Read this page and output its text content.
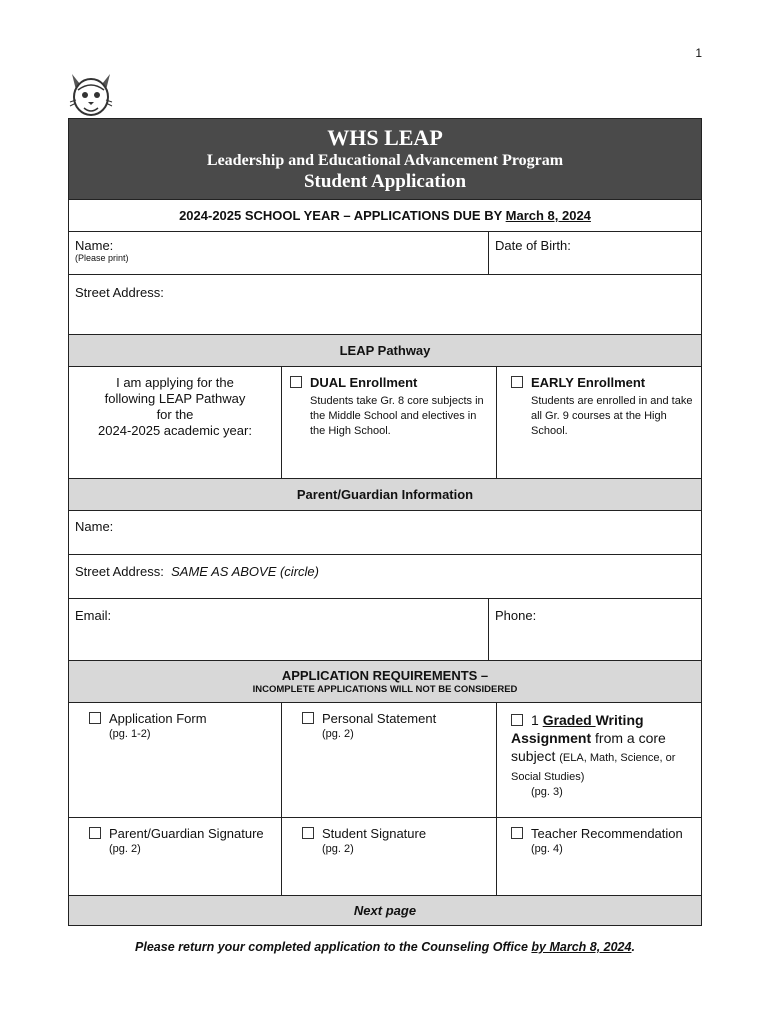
1
WHS LEAP
Leadership and Educational Advancement Program
Student Application
2024-2025 SCHOOL YEAR – APPLICATIONS DUE BY March 8, 2024
Name:
(Please print)
Date of Birth:
Street Address:
LEAP Pathway
I am applying for the
following LEAP Pathway
for the
2024-2025 academic year:
DUAL Enrollment
Students take Gr. 8 core subjects in the Middle School and electives in the High School.
EARLY Enrollment
Students are enrolled in and take all Gr. 9 courses at the High School.
Parent/Guardian Information
Name:
Street Address: SAME AS ABOVE (circle)
Email:	Phone:
APPLICATION REQUIREMENTS –
INCOMPLETE APPLICATIONS WILL NOT BE CONSIDERED
Application Form
(pg. 1-2)
Personal Statement
(pg. 2)
1 Graded Writing Assignment from a core subject (ELA, Math, Science, or Social Studies)
(pg. 3)
Parent/Guardian Signature
(pg. 2)
Student Signature
(pg. 2)
Teacher Recommendation
(pg. 4)
Next page
Please return your completed application to the Counseling Office by March 8, 2024.
